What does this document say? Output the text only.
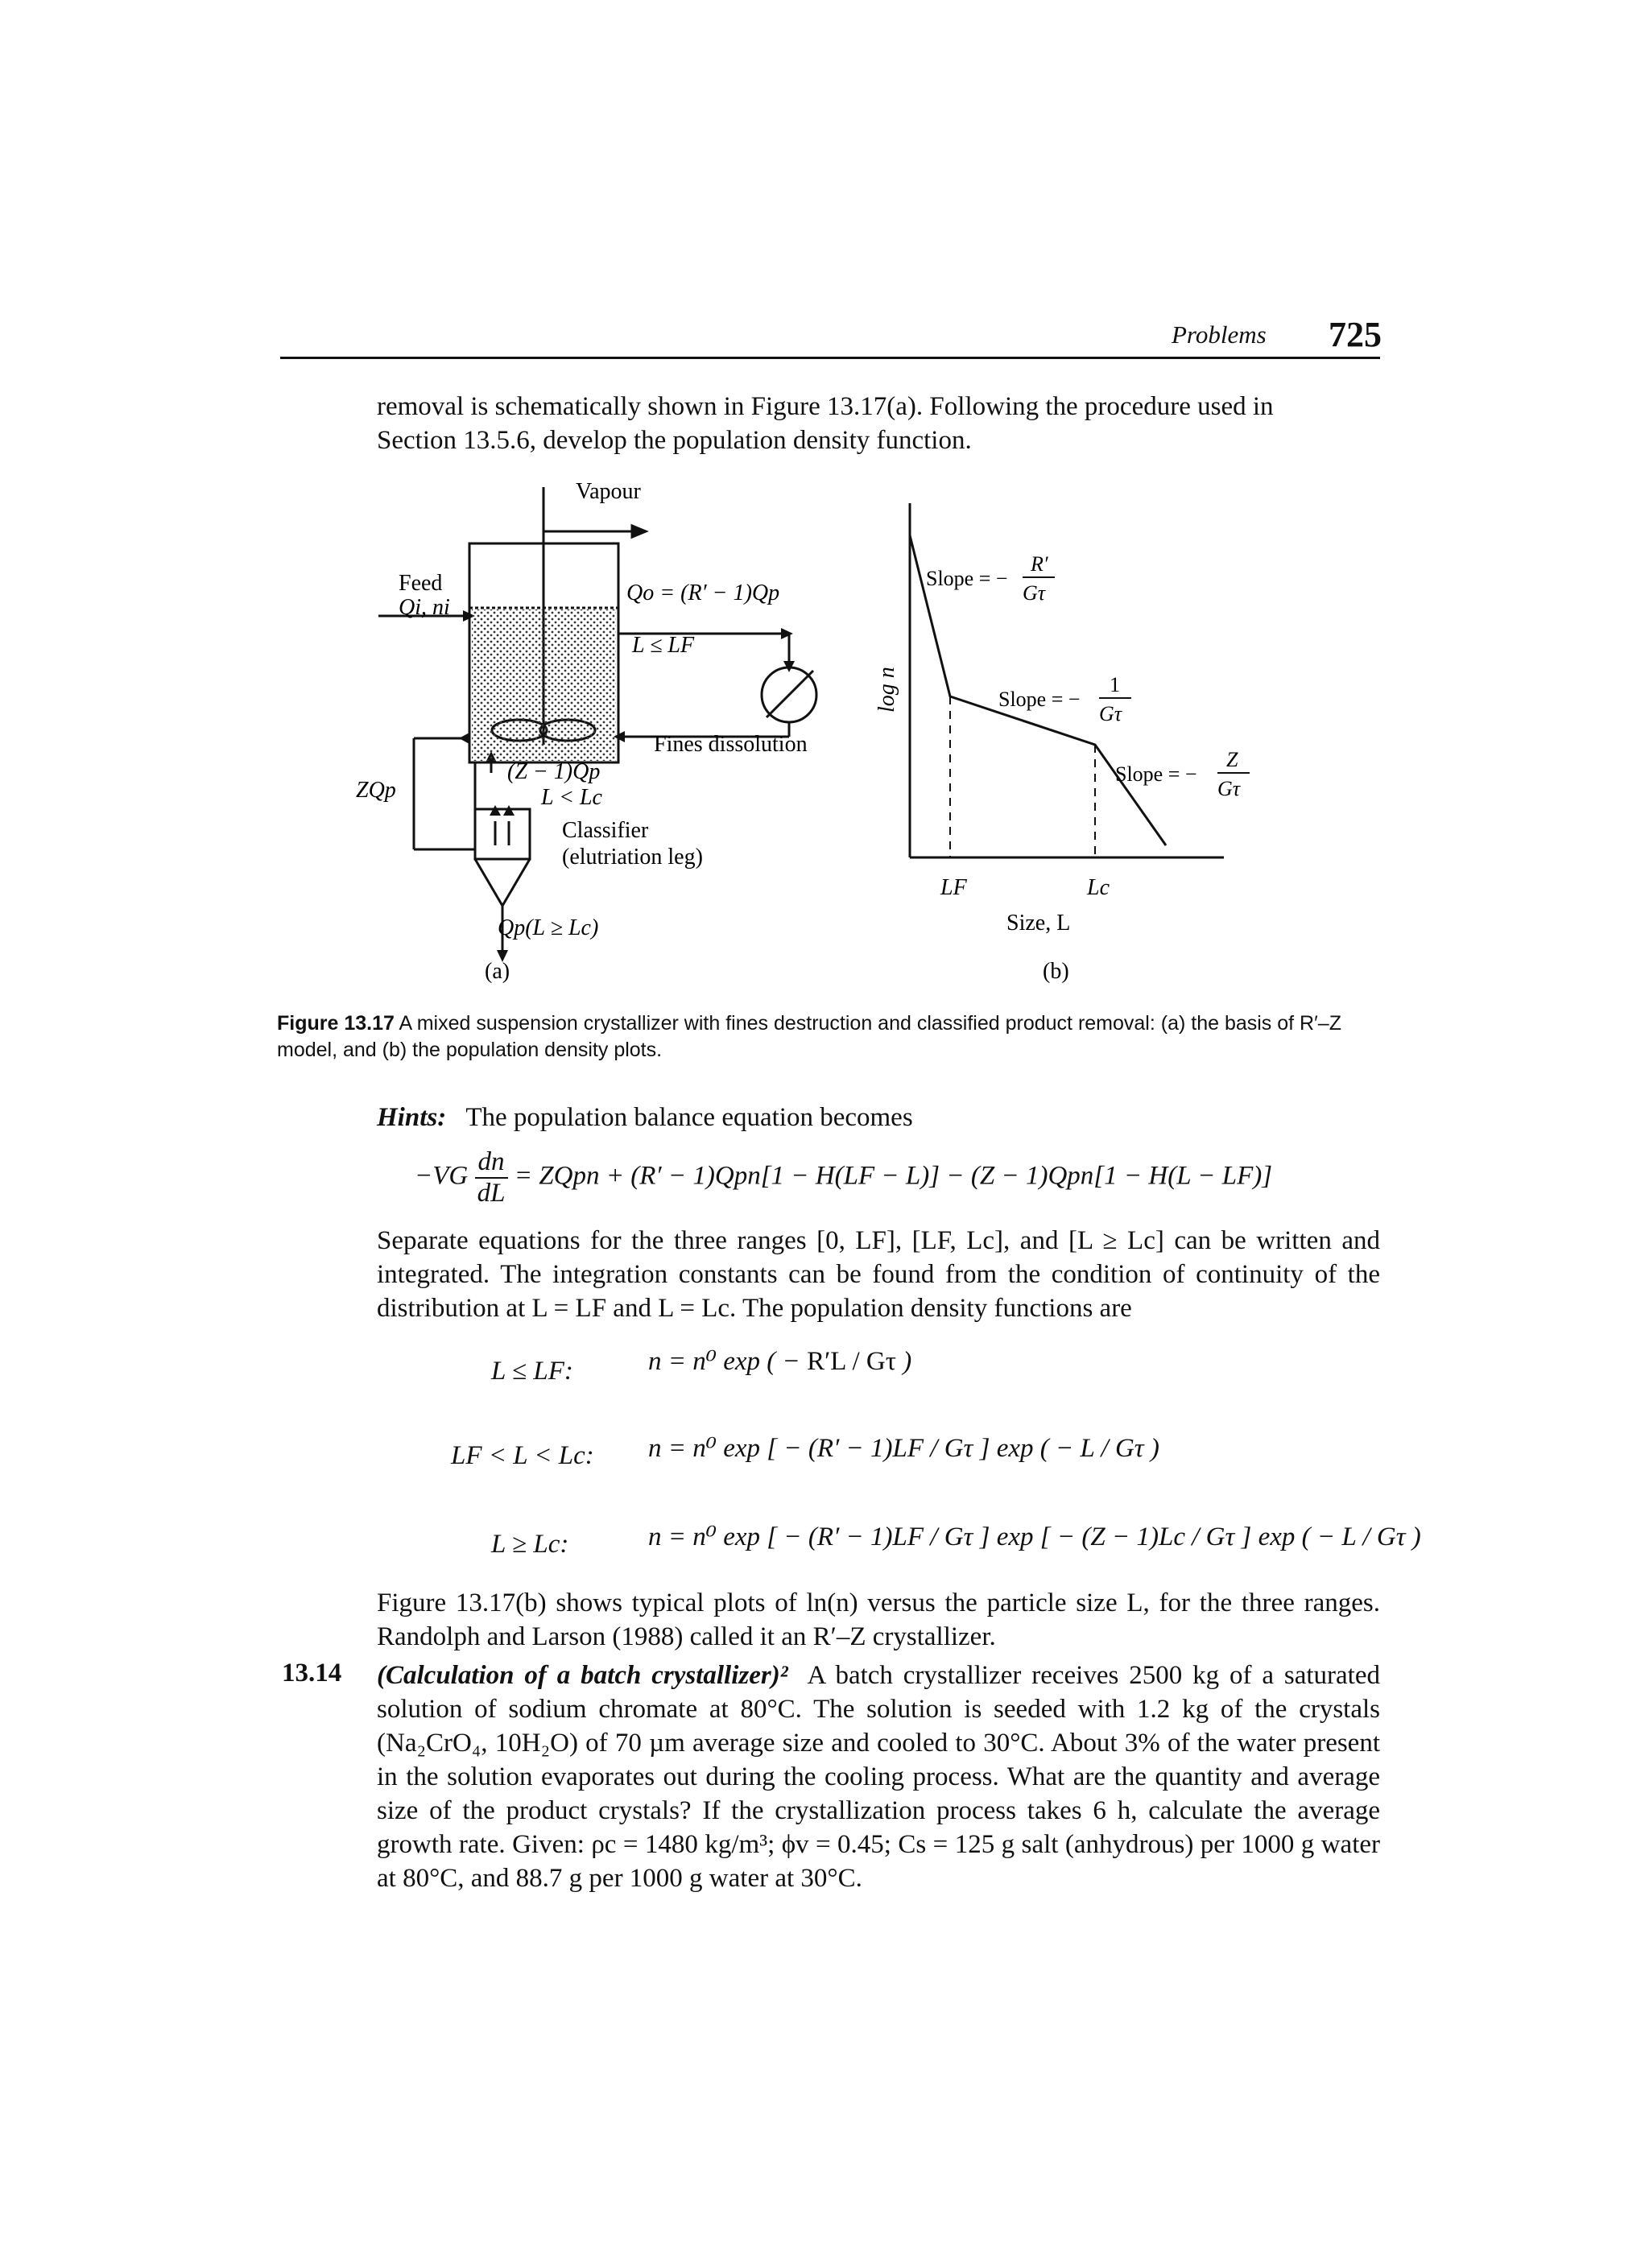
Problems 725
removal is schematically shown in Figure 13.17(a). Following the procedure used in
Section 13.5.6, develop the population density function.
Vapour
Feed
Qi, ni
Qo = (R′ − 1)Qp
L ≤ LF
Fines dissolution
ZQp
(Z − 1)Qp
L < Lc
Classifier
(elutriation leg)
Qp(L ≥ Lc)
(a)
log n
Size, L
LF	Lc
Slope = −
R′
Gτ
Slope = −
1
Gτ
Slope = −
Z
Gτ
(b)
Figure 13.17 A mixed suspension crystallizer with fines destruction and classified product removal: (a) the basis of R′–Z model, and (b) the population density plots.
Hints: The population balance equation becomes
$-VG \frac{dn}{dL}$ = ZQpn + (R′ − 1)Qpn[1 − H(LF − L)] − (Z − 1)Qpn[1 − H(L − LF)]
Separate equations for the three ranges [0, LF], [LF, Lc], and [L ≥ Lc] can be written and integrated. The integration constants can be found from the condition of continuity of the distribution at L = LF and L = Lc. The population density functions are
L ≤ LF:	n = n⁰ exp ( − R′L / Gτ )
LF < L < Lc: n = n⁰ exp [ − (R′ − 1)LF / Gτ ] exp ( − L / Gτ )
L ≥ Lc:	n = n⁰ exp [ − (R′ − 1)LF / Gτ ] exp [ − (Z − 1)Lc / Gτ ] exp ( − L / Gτ )
Figure 13.17(b) shows typical plots of ln(n) versus the particle size L, for the three ranges. Randolph and Larson (1988) called it an R′–Z crystallizer.
13.14 (Calculation of a batch crystallizer)² A batch crystallizer receives 2500 kg of a saturated solution of sodium chromate at 80°C. The solution is seeded with 1.2 kg of the crystals (Na₂CrO₄, 10H₂O) of 70 µm average size and cooled to 30°C. About 3% of the water present in the solution evaporates out during the cooling process. What are the quantity and average size of the product crystals? If the crystallization process takes 6 h, calculate the average growth rate. Given: ρc = 1480 kg/m³; ϕv = 0.45; Cs = 125 g salt (anhydrous) per 1000 g water at 80°C, and 88.7 g per 1000 g water at 30°C.
